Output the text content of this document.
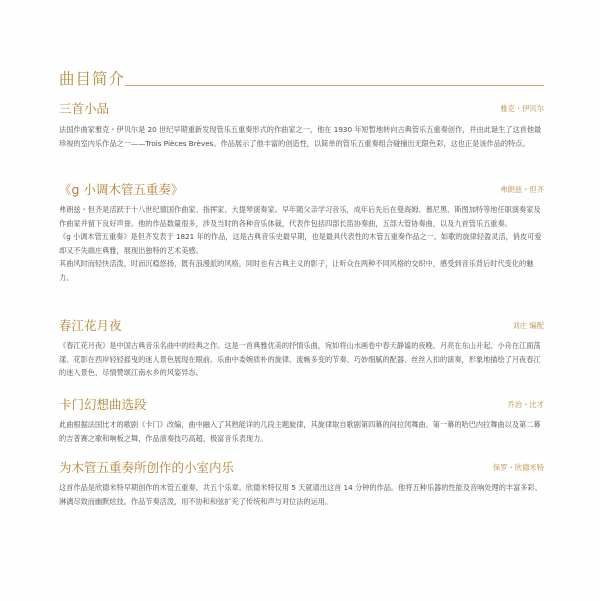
曲目简介
三首小品	雅克・伊贝尔

法国作曲家雅克・伊贝尔是 20 世纪早期重新发现管乐五重奏形式的作曲家之一，他在 1930 年短暂地转向古典管乐五重奏创作，并由此诞生了这首他最珍视的室内乐作品之一——Trois Pièces Brèves。作品展示了他丰富的创造性，以简单的管乐五重奏组合碰撞出无限色彩，这也正是该作品的特点。

《g 小调木管五重奏》	弗朗兹・但齐

弗朗兹・但齐是活跃于十八世纪德国作曲家、指挥家、大提琴演奏家。早年随父亲学习音乐，成年后先后在曼海姆、慕尼黑、斯图加特等地任职演奏家及作曲家并留下良好声誉。他的作品数量很多，涉及当时的各种音乐体裁，代表作包括四部长笛协奏曲，五部大管协奏曲，以及九首管乐五重奏。

《g 小调木管五重奏》是但齐发表于 1821 年的作品，这是古典音乐史最早期，也是最具代表性的木管五重奏作品之一。如歌的旋律轻盈灵活，俏皮可爱却又不失端庄典雅，展现出独特的艺术美感。

其曲风时而轻快活泼，时而沉稳悠扬，既有浪漫派的风格，同时也有古典主义的影子，让听众在两种不同风格的交织中，感受到音乐背后时代变化的魅力。

春江花月夜	刘庄 编配

《春江花月夜》是中国古典音乐名曲中的经典之作。这是一首典雅优美的抒情乐曲，宛如将山水画卷中春天静谧的夜晚、月亮在东山升起、小舟在江面荡漾、花影在西岸轻轻摇曳的迷人景色展现在眼前。乐曲中委婉质朴的旋律、流畅多变的节奏、巧妙细腻的配器、丝丝入扣的演奏，形象地描绘了月夜春江的迷人景色，尽情赞颂江南水乡的风姿异态。

卡门幻想曲选段	乔治・比才

此曲根据法国比才的歌剧《卡门》改编，曲中融入了其熟能详的几段主题旋律，其旋律取自歌剧第四幕的间拉冈舞曲、第一幕的哈巴内拉舞曲以及第二幕的吉普赛之歌和响板之舞，作品演奏技巧高超、极富音乐表现力。

为木管五重奏所创作的小室内乐	保罗・欣德米特

这首作品是欣德米特早期创作的木管五重奏，共五个乐章。欣德米特仅用 5 天就谱出这首 14 分钟的作品。他将五种乐器的性能及音响处理的丰富多彩、淋漓尽致而幽默炫技。作品节奏活泼，用不协和和弦扩充了传统和声与对位法的运用。
